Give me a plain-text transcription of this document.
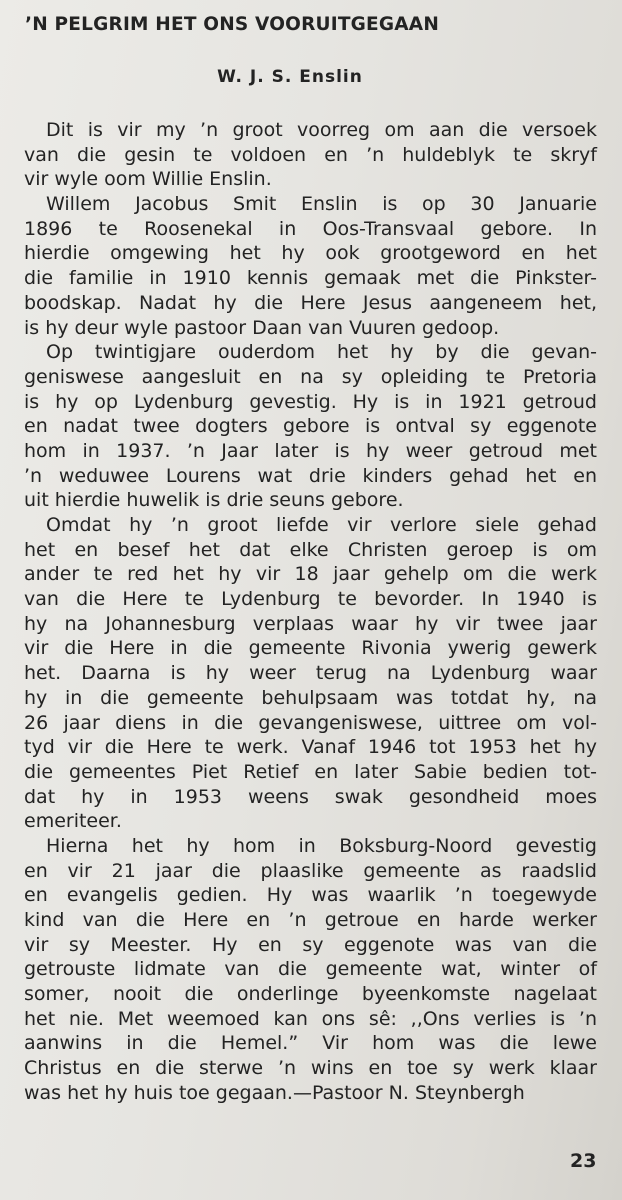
’N PELGRIM HET ONS VOORUITGEGAAN
W. J. S. Enslin
Dit is vir my ’n groot voorreg om aan die versoek
van die gesin te voldoen en ’n huldeblyk te skryf
vir wyle oom Willie Enslin.
Willem Jacobus Smit Enslin is op 30 Januarie
1896 te Roosenekal in Oos-Transvaal gebore. In
hierdie omgewing het hy ook grootgeword en het
die familie in 1910 kennis gemaak met die Pinkster-
boodskap. Nadat hy die Here Jesus aangeneem het,
is hy deur wyle pastoor Daan van Vuuren gedoop.
Op twintigjare ouderdom het hy by die gevan-
geniswese aangesluit en na sy opleiding te Pretoria
is hy op Lydenburg gevestig. Hy is in 1921 getroud
en nadat twee dogters gebore is ontval sy eggenote
hom in 1937. ’n Jaar later is hy weer getroud met
’n weduwee Lourens wat drie kinders gehad het en
uit hierdie huwelik is drie seuns gebore.
Omdat hy ’n groot liefde vir verlore siele gehad
het en besef het dat elke Christen geroep is om
ander te red het hy vir 18 jaar gehelp om die werk
van die Here te Lydenburg te bevorder. In 1940 is
hy na Johannesburg verplaas waar hy vir twee jaar
vir die Here in die gemeente Rivonia ywerig gewerk
het. Daarna is hy weer terug na Lydenburg waar
hy in die gemeente behulpsaam was totdat hy, na
26 jaar diens in die gevangeniswese, uittree om vol-
tyd vir die Here te werk. Vanaf 1946 tot 1953 het hy
die gemeentes Piet Retief en later Sabie bedien tot-
dat hy in 1953 weens swak gesondheid moes
emeriteer.
Hierna het hy hom in Boksburg-Noord gevestig
en vir 21 jaar die plaaslike gemeente as raadslid
en evangelis gedien. Hy was waarlik ’n toegewyde
kind van die Here en ’n getroue en harde werker
vir sy Meester. Hy en sy eggenote was van die
getrouste lidmate van die gemeente wat, winter of
somer, nooit die onderlinge byeenkomste nagelaat
het nie. Met weemoed kan ons sê: ,,Ons verlies is ’n
aanwins in die Hemel.” Vir hom was die lewe
Christus en die sterwe ’n wins en toe sy werk klaar
was het hy huis toe gegaan.—Pastoor N. Steynbergh
23
